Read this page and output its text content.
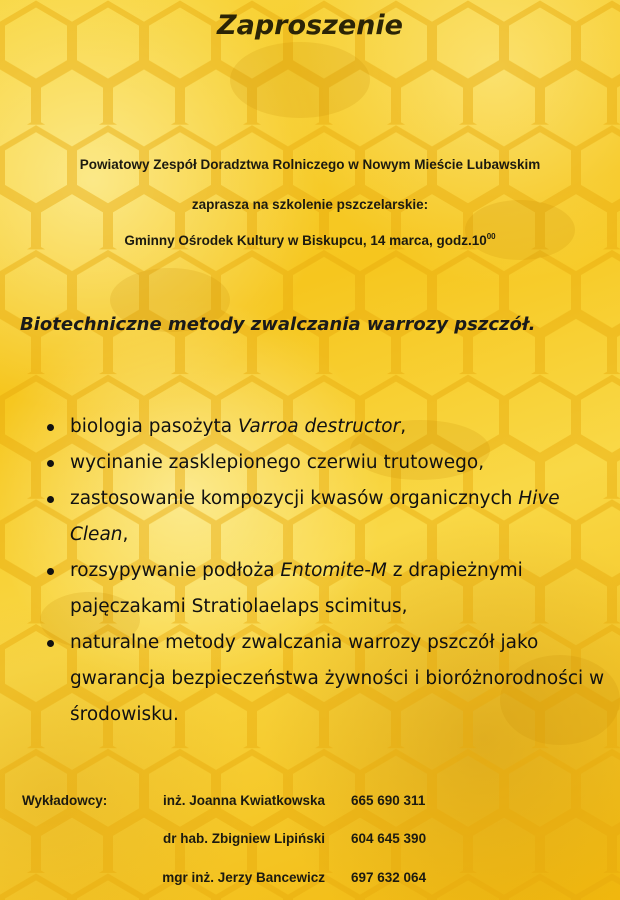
Zaproszenie
Powiatowy Zespół Doradztwa Rolniczego w Nowym Mieście Lubawskim
zaprasza na szkolenie pszczelarskie:
Gminny Ośrodek Kultury w Biskupcu, 14 marca, $godz.10^{00}$
Biotechniczne metody zwalczania warrozy pszczół.
biologia pasożyta Varroa destructor,
wycinanie zasklepionego czerwiu trutowego,
zastosowanie kompozycji kwasów organicznych Hive Clean,
rozsypywanie podłoża Entomite-M z drapieżnymi pajęczakami Stratiolaelaps scimitus,
naturalne metody zwalczania warrozy pszczół jako gwarancja bezpieczeństwa żywności i bioróżnorodności w środowisku.
Wykładowcy:	inż. Joanna Kwiatkowska 665 690 311
dr hab. Zbigniew Lipiński 604 645 390
mgr inż. Jerzy Bancewicz 697 632 064
